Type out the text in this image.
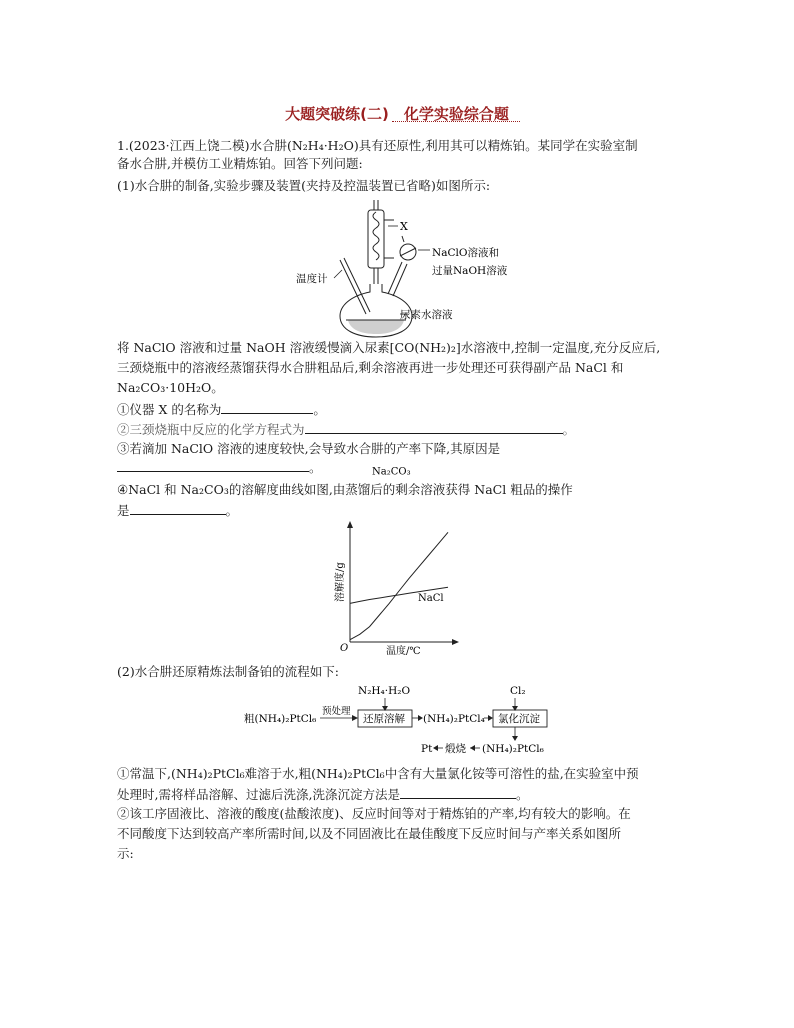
大题突破练(二)　化学实验综合题
1.(2023·江西上饶二模)水合肼(N₂H₄·H₂O)具有还原性,利用其可以精炼铂。某同学在实验室制
备水合肼,并模仿工业精炼铂。回答下列问题:
(1)水合肼的制备,实验步骤及装置(夹持及控温装置已省略)如图所示:
X
NaClO溶液和
过量NaOH溶液
温度计
尿素水溶液
将 NaClO 溶液和过量 NaOH 溶液缓慢滴入尿素[CO(NH₂)₂]水溶液中,控制一定温度,充分反应后,
三颈烧瓶中的溶液经蒸馏获得水合肼粗品后,剩余溶液再进一步处理还可获得副产品 NaCl 和
Na₂CO₃·10H₂O。
①仪器 X 的名称为	。
②三颈烧瓶中反应的化学方程式为	。
③若滴加 NaClO 溶液的速度较快,会导致水合肼的产率下降,其原因是
。
④NaCl 和 Na₂CO₃的溶解度曲线如图,由蒸馏后的剩余溶液获得 NaCl 粗品的操作
是	。
溶解度/g
温度/℃
O
Na₂CO₃
NaCl
(2)水合肼还原精炼法制备铂的流程如下:
N₂H₄·H₂O	Cl₂
粗(NH₄)₂PtCl₆
预处理
还原溶解 (NH₄)₂PtCl₄ 氯化沉淀
Pt 煅烧 (NH₄)₂PtCl₆
①常温下,(NH₄)₂PtCl₆难溶于水,粗(NH₄)₂PtCl₆中含有大量氯化铵等可溶性的盐,在实验室中预
处理时,需将样品溶解、过滤后洗涤,洗涤沉淀方法是	。
②该工序固液比、溶液的酸度(盐酸浓度)、反应时间等对于精炼铂的产率,均有较大的影响。在
不同酸度下达到较高产率所需时间,以及不同固液比在最佳酸度下反应时间与产率关系如图所
示:
